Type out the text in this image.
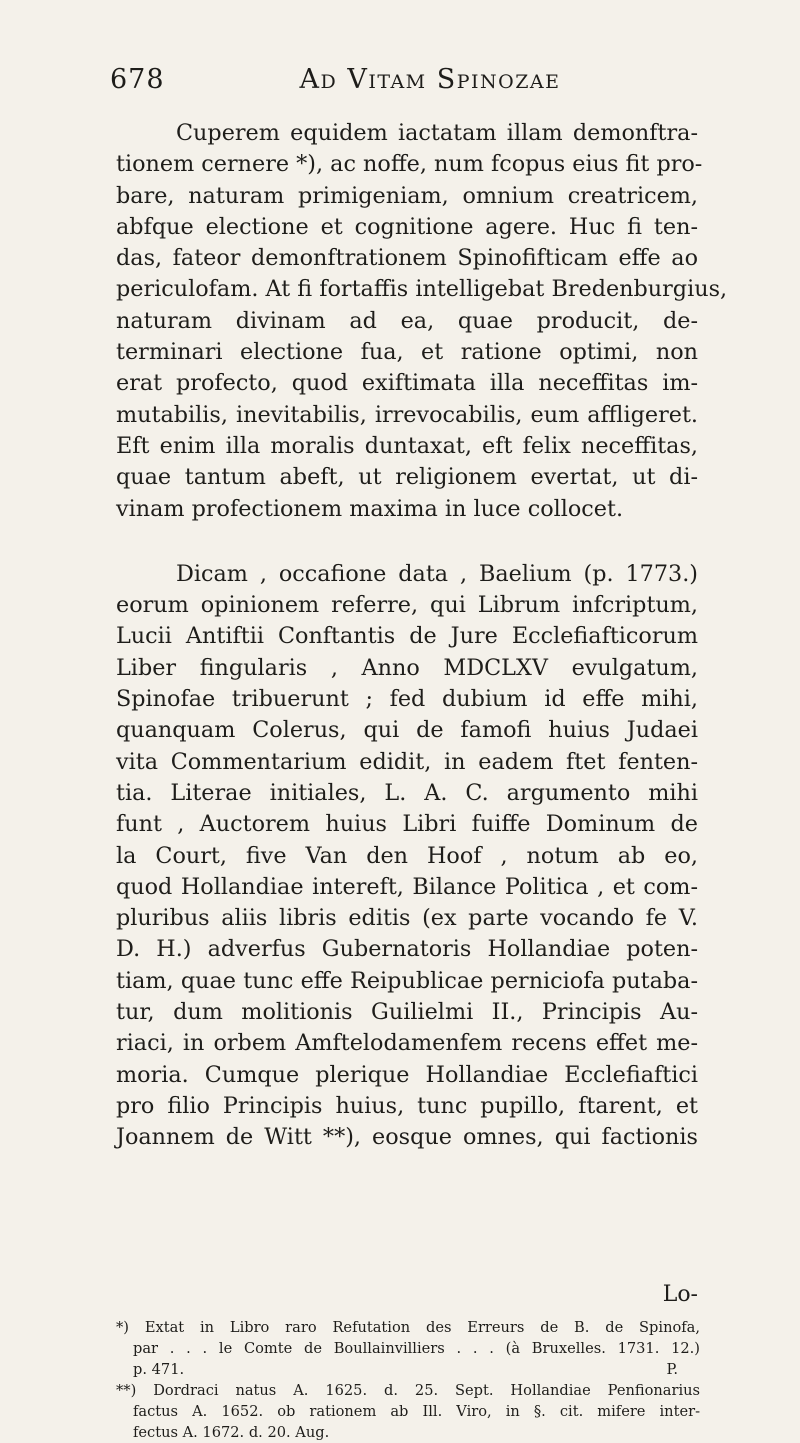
678	Ad Vitam Spinozae
Cuperem equidem iactatam illam demonftra-
tionem cernere *), ac noffe, num fcopus eius fit pro-
bare, naturam primigeniam, omnium creatricem,
abfque electione et cognitione agere. Huc fi ten-
das, fateor demonftrationem Spinofifticam effe ao
periculofam. At fi fortaffis intelligebat Bredenburgius,
naturam divinam ad ea, quae producit, de-
terminari electione fua, et ratione optimi, non
erat profecto, quod exiftimata illa neceffitas im-
mutabilis, inevitabilis, irrevocabilis, eum affligeret.
Eft enim illa moralis duntaxat, eft felix neceffitas,
quae tantum abeft, ut religionem evertat, ut di-
vinam profectionem maxima in luce collocet.
Dicam , occafione data , Baelium (p. 1773.)
eorum opinionem referre, qui Librum infcriptum,
Lucii Antiftii Conftantis de Jure Ecclefiafticorum
Liber fingularis , Anno MDCLXV evulgatum,
Spinofae tribuerunt ; fed dubium id effe mihi,
quanquam Colerus, qui de famofi huius Judaei
vita Commentarium edidit, in eadem ftet fenten-
tia. Literae initiales, L. A. C. argumento mihi
funt , Auctorem huius Libri fuiffe Dominum de
la Court, five Van den Hoof , notum ab eo,
quod Hollandiae intereft, Bilance Politica , et com-
pluribus aliis libris editis (ex parte vocando fe V.
D. H.) adverfus Gubernatoris Hollandiae poten-
tiam, quae tunc effe Reipublicae perniciofa putaba-
tur, dum molitionis Guilielmi II., Principis Au-
riaci, in orbem Amftelodamenfem recens effet me-
moria. Cumque plerique Hollandiae Ecclefiaftici
pro filio Principis huius, tunc pupillo, ftarent, et
Joannem de Witt **), eosque omnes, qui factionis
Lo-
*) Extat in Libro raro Refutation des Erreurs de B. de Spinofa,
par . . . le Comte de Boullainvilliers . . . (à Bruxelles. 1731. 12.)
p. 471.	P.
**) Dordraci natus A. 1625. d. 25. Sept. Hollandiae Penfionarius
factus A. 1652. ob rationem ab Ill. Viro, in §. cit. mifere inter-
fectus A. 1672. d. 20. Aug.
